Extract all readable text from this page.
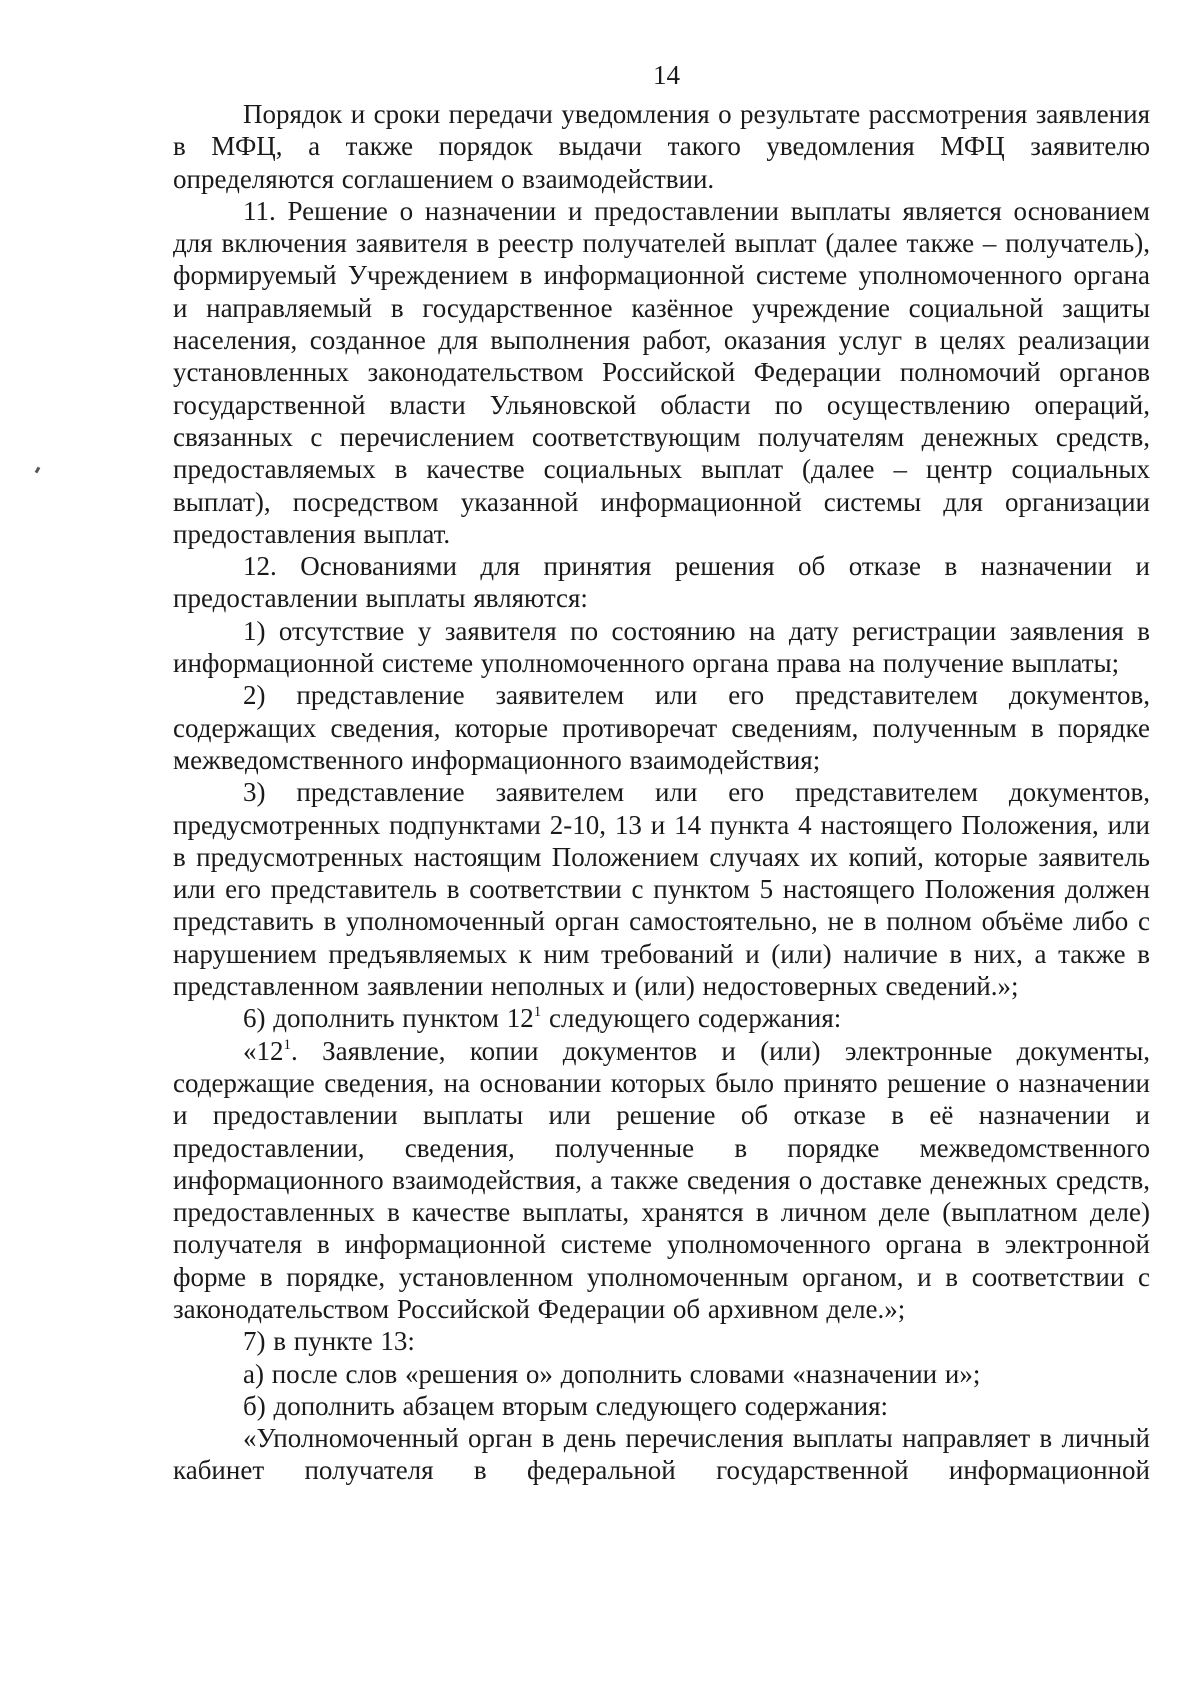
14

Порядок и сроки передачи уведомления о результате рассмотрения заявления в МФЦ, а также порядок выдачи такого уведомления МФЦ заявителю определяются соглашением о взаимодействии.

11. Решение о назначении и предоставлении выплаты является основанием для включения заявителя в реестр получателей выплат (далее также – получатель), формируемый Учреждением в информационной системе уполномоченного органа и направляемый в государственное казённое учреждение социальной защиты населения, созданное для выполнения работ, оказания услуг в целях реализации установленных законодательством Российской Федерации полномочий органов государственной власти Ульяновской области по осуществлению операций, связанных с перечислением соответствующим получателям денежных средств, предоставляемых в качестве социальных выплат (далее – центр социальных выплат), посредством указанной информационной системы для организации предоставления выплат.

12. Основаниями для принятия решения об отказе в назначении и предоставлении выплаты являются:

1) отсутствие у заявителя по состоянию на дату регистрации заявления в информационной системе уполномоченного органа права на получение выплаты;

2) представление заявителем или его представителем документов, содержащих сведения, которые противоречат сведениям, полученным в порядке межведомственного информационного взаимодействия;

3) представление заявителем или его представителем документов, предусмотренных подпунктами 2-10, 13 и 14 пункта 4 настоящего Положения, или в предусмотренных настоящим Положением случаях их копий, которые заявитель или его представитель в соответствии с пунктом 5 настоящего Положения должен представить в уполномоченный орган самостоятельно, не в полном объёме либо с нарушением предъявляемых к ним требований и (или) наличие в них, а также в представленном заявлении неполных и (или) недостоверных сведений.»;

6) дополнить пунктом $12^1$ следующего содержания:

«$12^1$. Заявление, копии документов и (или) электронные документы, содержащие сведения, на основании которых было принято решение о назначении и предоставлении выплаты или решение об отказе в её назначении и предоставлении, сведения, полученные в порядке межведомственного информационного взаимодействия, а также сведения о доставке денежных средств, предоставленных в качестве выплаты, хранятся в личном деле (выплатном деле) получателя в информационной системе уполномоченного органа в электронной форме в порядке, установленном уполномоченным органом, и в соответствии с законодательством Российской Федерации об архивном деле.»;

7) в пункте 13:

а) после слов «решения о» дополнить словами «назначении и»;

б) дополнить абзацем вторым следующего содержания:

«Уполномоченный орган в день перечисления выплаты направляет в личный кабинет получателя в федеральной государственной информационной
